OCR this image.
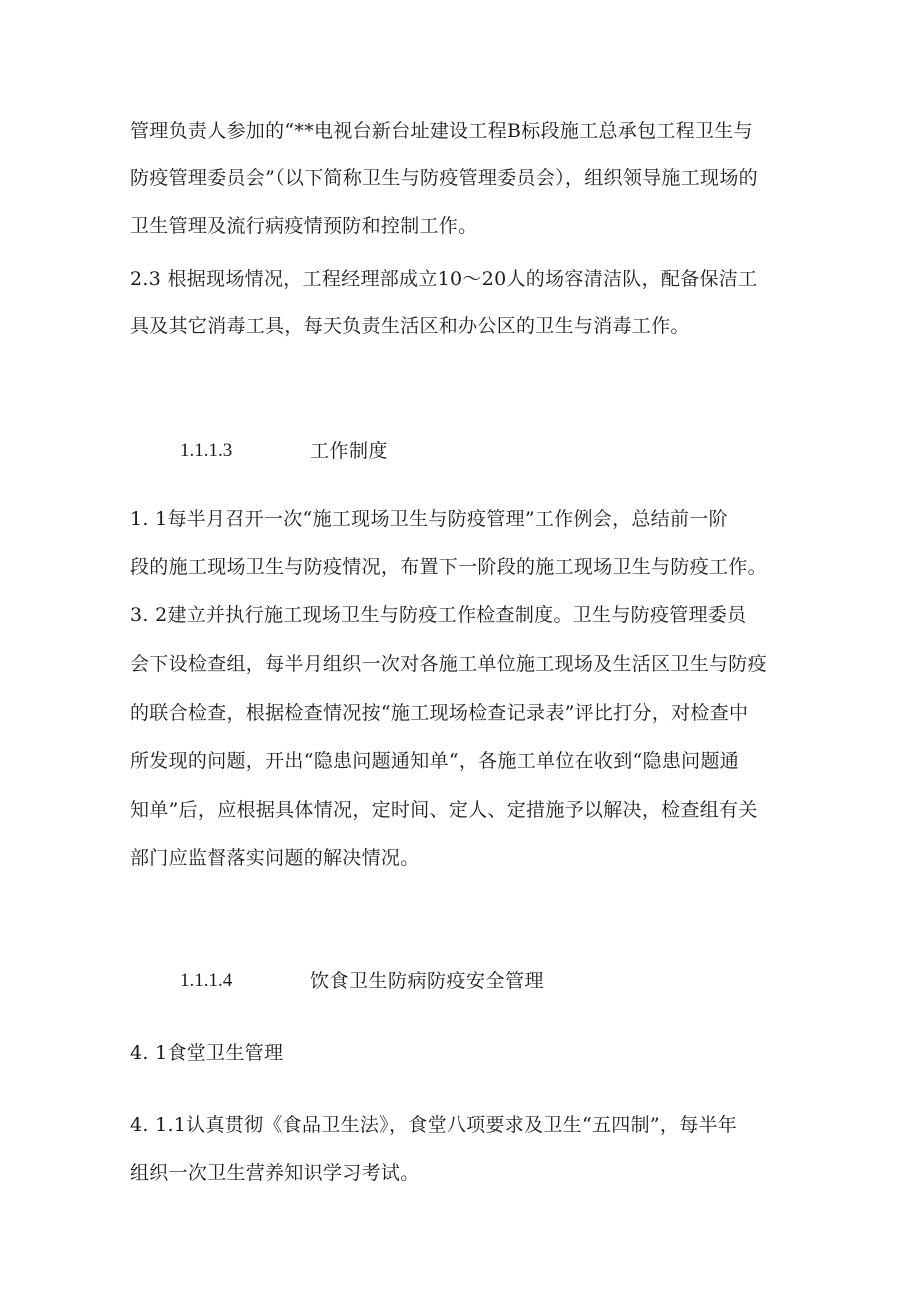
管理负责人参加的“**电视台新台址建设工程B标段施工总承包工程卫生与
防疫管理委员会”（以下简称卫生与防疫管理委员会），组织领导施工现场的
卫生管理及流行病疫情预防和控制工作。
2.3 根据现场情况，工程经理部成立10～20人的场容清洁队，配备保洁工
具及其它消毒工具，每天负责生活区和办公区的卫生与消毒工作。
1.1.1.3	工作制度
1. 1每半月召开一次“施工现场卫生与防疫管理”工作例会，总结前一阶
段的施工现场卫生与防疫情况，布置下一阶段的施工现场卫生与防疫工作。
3. 2建立并执行施工现场卫生与防疫工作检查制度。卫生与防疫管理委员
会下设检查组，每半月组织一次对各施工单位施工现场及生活区卫生与防疫
的联合检查，根据检查情况按“施工现场检查记录表”评比打分，对检查中
所发现的问题，开出“隐患问题通知单“，各施工单位在收到“隐患问题通
知单”后，应根据具体情况，定时间、定人、定措施予以解决，检查组有关
部门应监督落实问题的解决情况。
1.1.1.4	饮食卫生防病防疫安全管理
4. 1食堂卫生管理
4. 1.1认真贯彻《食品卫生法》，食堂八项要求及卫生“五四制”，每半年
组织一次卫生营养知识学习考试。
